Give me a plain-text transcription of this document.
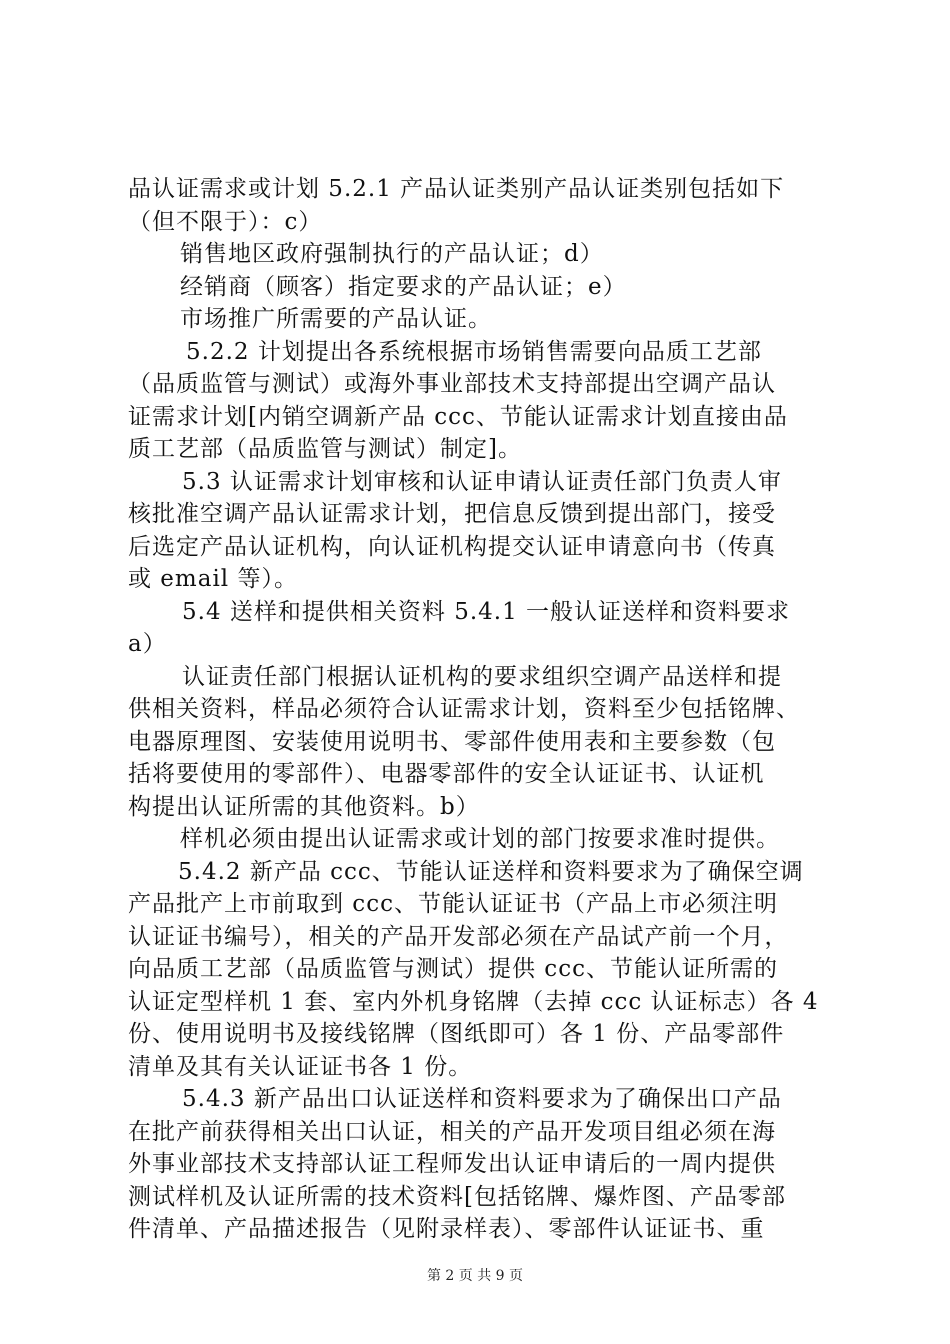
品认证需求或计划 5.2.1 产品认证类别产品认证类别包括如下
（但不限于）：c）
销售地区政府强制执行的产品认证；d）
经销商（顾客）指定要求的产品认证；e）
市场推广所需要的产品认证。
5.2.2 计划提出各系统根据市场销售需要向品质工艺部
（品质监管与测试）或海外事业部技术支持部提出空调产品认
证需求计划[内销空调新产品 ccc、节能认证需求计划直接由品
质工艺部（品质监管与测试）制定]。
5.3 认证需求计划审核和认证申请认证责任部门负责人审
核批准空调产品认证需求计划，把信息反馈到提出部门，接受
后选定产品认证机构，向认证机构提交认证申请意向书（传真
或 email 等）。
5.4 送样和提供相关资料 5.4.1 一般认证送样和资料要求
a）
认证责任部门根据认证机构的要求组织空调产品送样和提
供相关资料，样品必须符合认证需求计划，资料至少包括铭牌、
电器原理图、安装使用说明书、零部件使用表和主要参数（包
括将要使用的零部件）、电器零部件的安全认证证书、认证机
构提出认证所需的其他资料。b）
样机必须由提出认证需求或计划的部门按要求准时提供。
5.4.2 新产品 ccc、节能认证送样和资料要求为了确保空调
产品批产上市前取到 ccc、节能认证证书（产品上市必须注明
认证证书编号），相关的产品开发部必须在产品试产前一个月，
向品质工艺部（品质监管与测试）提供 ccc、节能认证所需的
认证定型样机 1 套、室内外机身铭牌（去掉 ccc 认证标志）各 4
份、使用说明书及接线铭牌（图纸即可）各 1 份、产品零部件
清单及其有关认证证书各 1 份。
5.4.3 新产品出口认证送样和资料要求为了确保出口产品
在批产前获得相关出口认证，相关的产品开发项目组必须在海
外事业部技术支持部认证工程师发出认证申请后的一周内提供
测试样机及认证所需的技术资料[包括铭牌、爆炸图、产品零部
件清单、产品描述报告（见附录样表）、零部件认证证书、重
第 2 页 共 9 页
